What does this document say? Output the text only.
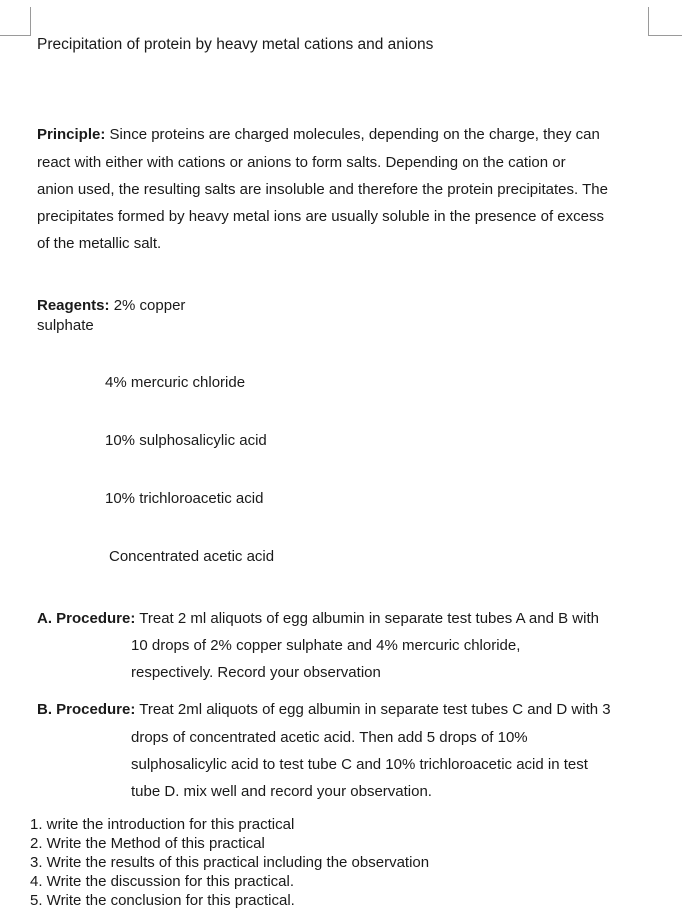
Precipitation of protein by heavy metal cations and anions
Principle: Since proteins are charged molecules, depending on the charge, they can
react with either with cations or anions to form salts. Depending on the cation or
anion used, the resulting salts are insoluble and therefore the protein precipitates. The
precipitates formed by heavy metal ions are usually soluble in the presence of excess
of the metallic salt.
Reagents: 2% copper
sulphate
4% mercuric chloride
10% sulphosalicylic acid
10% trichloroacetic acid
Concentrated acetic acid
A. Procedure: Treat 2 ml aliquots of egg albumin in separate test tubes A and B with
10 drops of 2% copper sulphate and 4% mercuric chloride,
respectively. Record your observation
B. Procedure: Treat 2ml aliquots of egg albumin in separate test tubes C and D with 3
drops of concentrated acetic acid. Then add 5 drops of 10%
sulphosalicylic acid to test tube C and 10% trichloroacetic acid in test
tube D. mix well and record your observation.
1. write the introduction for this practical
2. Write the Method of this practical
3. Write the results of this practical including the observation
4. Write the discussion for this practical.
5. Write the conclusion for this practical.
